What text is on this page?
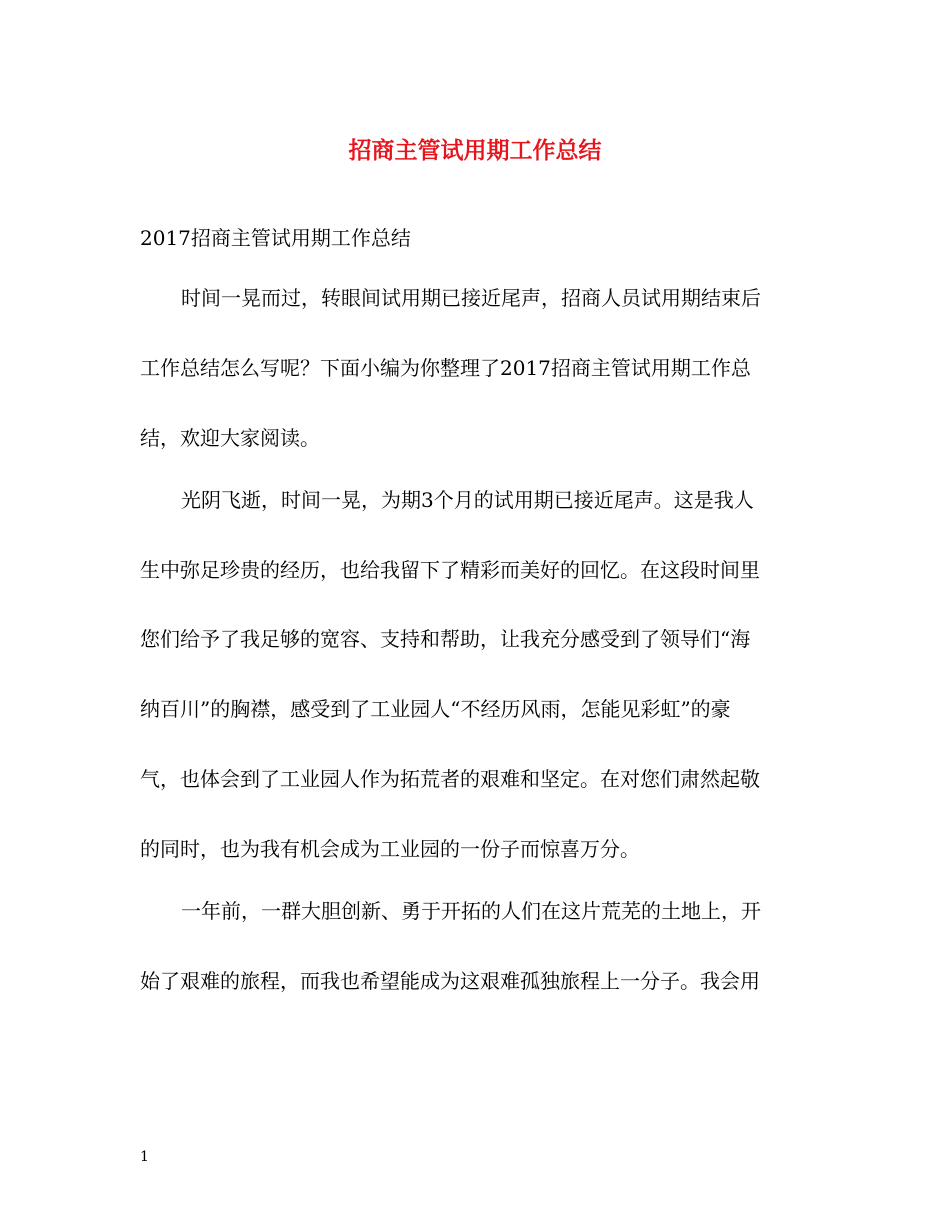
招商主管试用期工作总结

2017招商主管试用期工作总结

时间一晃而过，转眼间试用期已接近尾声，招商人员试用期结束后

工作总结怎么写呢？下面小编为你整理了2017招商主管试用期工作总

结，欢迎大家阅读。

光阴飞逝，时间一晃，为期3个月的试用期已接近尾声。这是我人

生中弥足珍贵的经历，也给我留下了精彩而美好的回忆。在这段时间里

您们给予了我足够的宽容、支持和帮助，让我充分感受到了领导们“海

纳百川”的胸襟，感受到了工业园人“不经历风雨，怎能见彩虹”的豪

气，也体会到了工业园人作为拓荒者的艰难和坚定。在对您们肃然起敬

的同时，也为我有机会成为工业园的一份子而惊喜万分。

一年前，一群大胆创新、勇于开拓的人们在这片荒芜的土地上，开

始了艰难的旅程，而我也希望能成为这艰难孤独旅程上一分子。我会用

1
